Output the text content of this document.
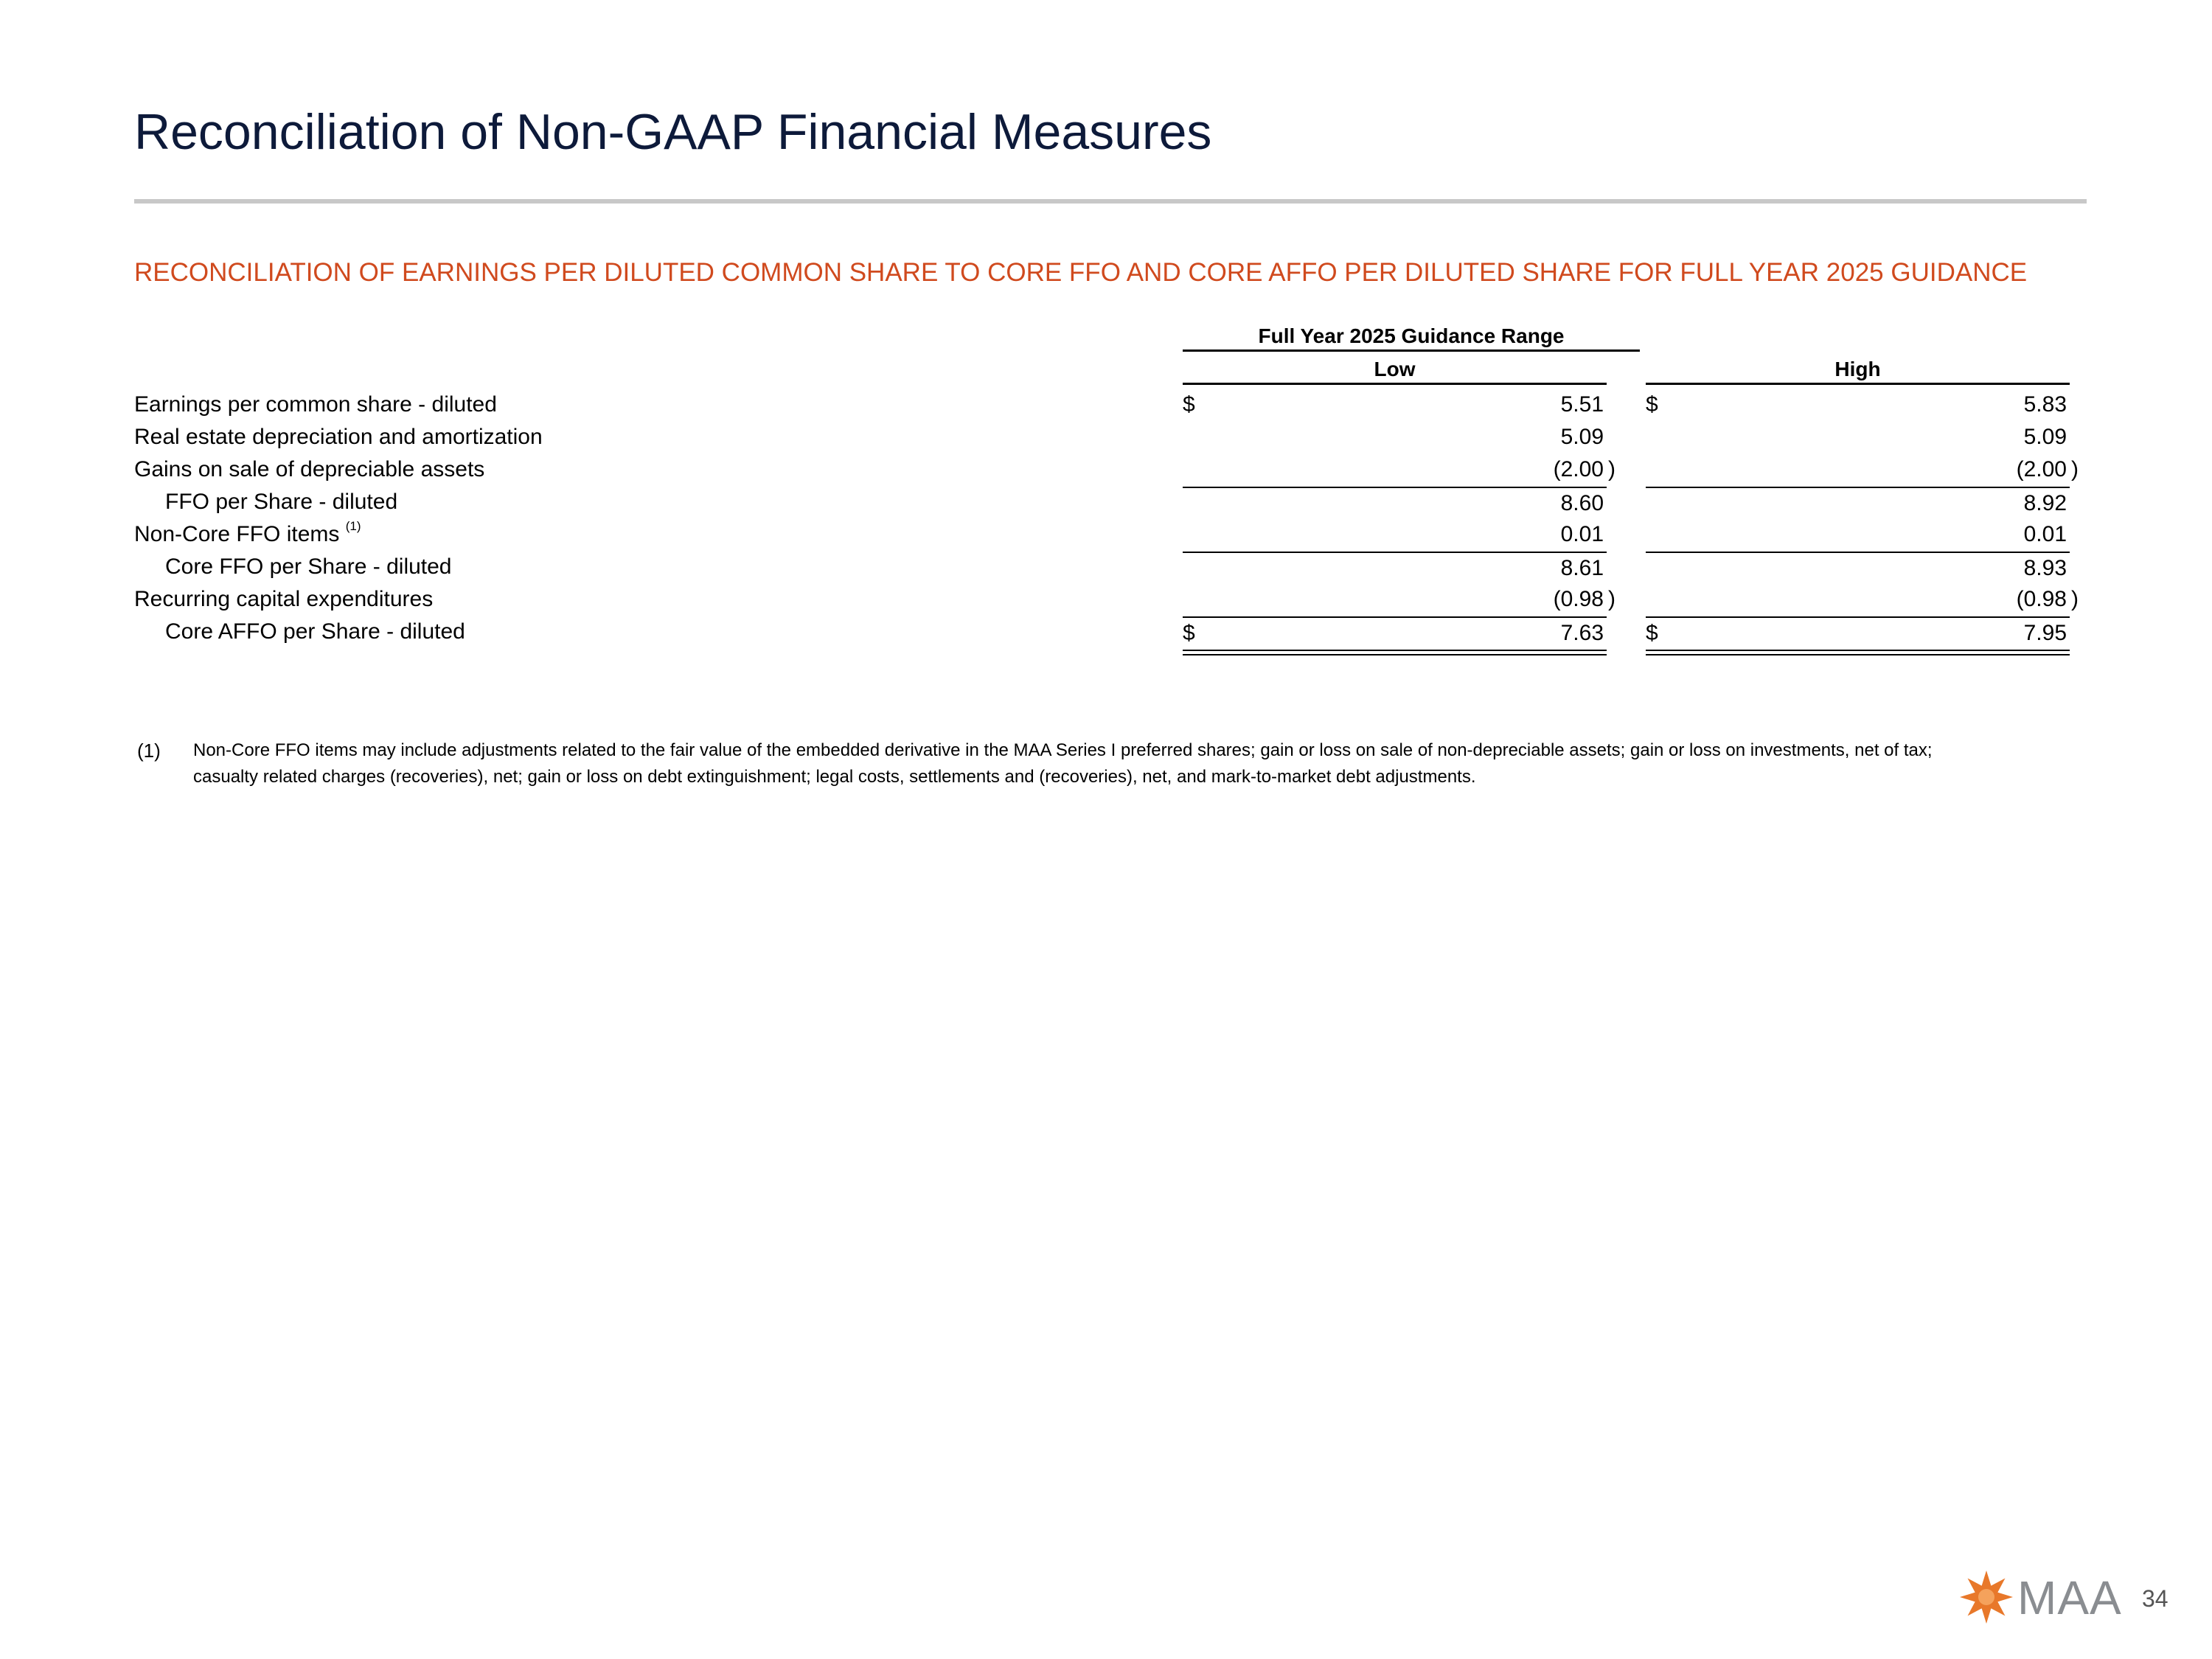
Reconciliation of Non-GAAP Financial Measures
RECONCILIATION OF EARNINGS PER DILUTED COMMON SHARE TO CORE FFO AND CORE AFFO PER DILUTED SHARE FOR FULL YEAR 2025 GUIDANCE
Full Year 2025 Guidance Range
Low	High
Earnings per common share - diluted	$	5.51 $	5.83
Real estate depreciation and amortization	5.09	5.09
Gains on sale of depreciable assets	(2.00 )	(2.00 )
FFO per Share - diluted	8.60	8.92
Non-Core FFO items $^{(1)}$	0.01	0.01
Core FFO per Share - diluted	8.61	8.93
Recurring capital expenditures	(0.98 )	(0.98 )
Core AFFO per Share - diluted	$	7.63 $	7.95
(1) Non-Core FFO items may include adjustments related to the fair value of the embedded derivative in the MAA Series I preferred shares; gain or loss on sale of non-depreciable assets; gain or loss on investments, net of tax; casualty related charges (recoveries), net; gain or loss on debt extinguishment; legal costs, settlements and (recoveries), net, and mark-to-market debt adjustments.
MAA 34
